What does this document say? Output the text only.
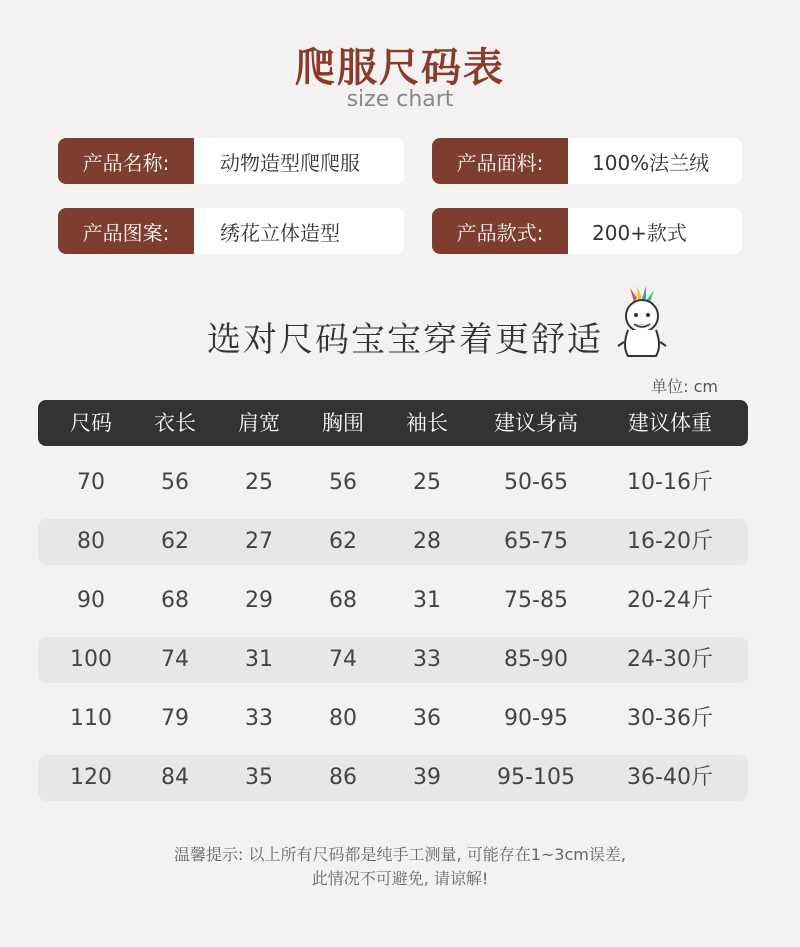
爬服尺码表
size chart
产品名称:	动物造型爬爬服	产品面料:	100%法兰绒
产品图案:	绣花立体造型	产品款式:	200+款式
选对尺码宝宝穿着更舒适
单位: cm
尺码 衣长 肩宽 胸围 袖长 建议身高 建议体重
70	56	25	56	25	50-65	10-16斤
80	62	27	62	28	65-75	16-20斤
90	68	29	68	31	75-85	20-24斤
100 74	31	74	33	85-90	24-30斤
110 79	33	80	36	90-95	30-36斤
120 84	35	86	39	95-105 36-40斤
温馨提示: 以上所有尺码都是纯手工测量, 可能存在1~3cm误差,
此情况不可避免, 请谅解!
